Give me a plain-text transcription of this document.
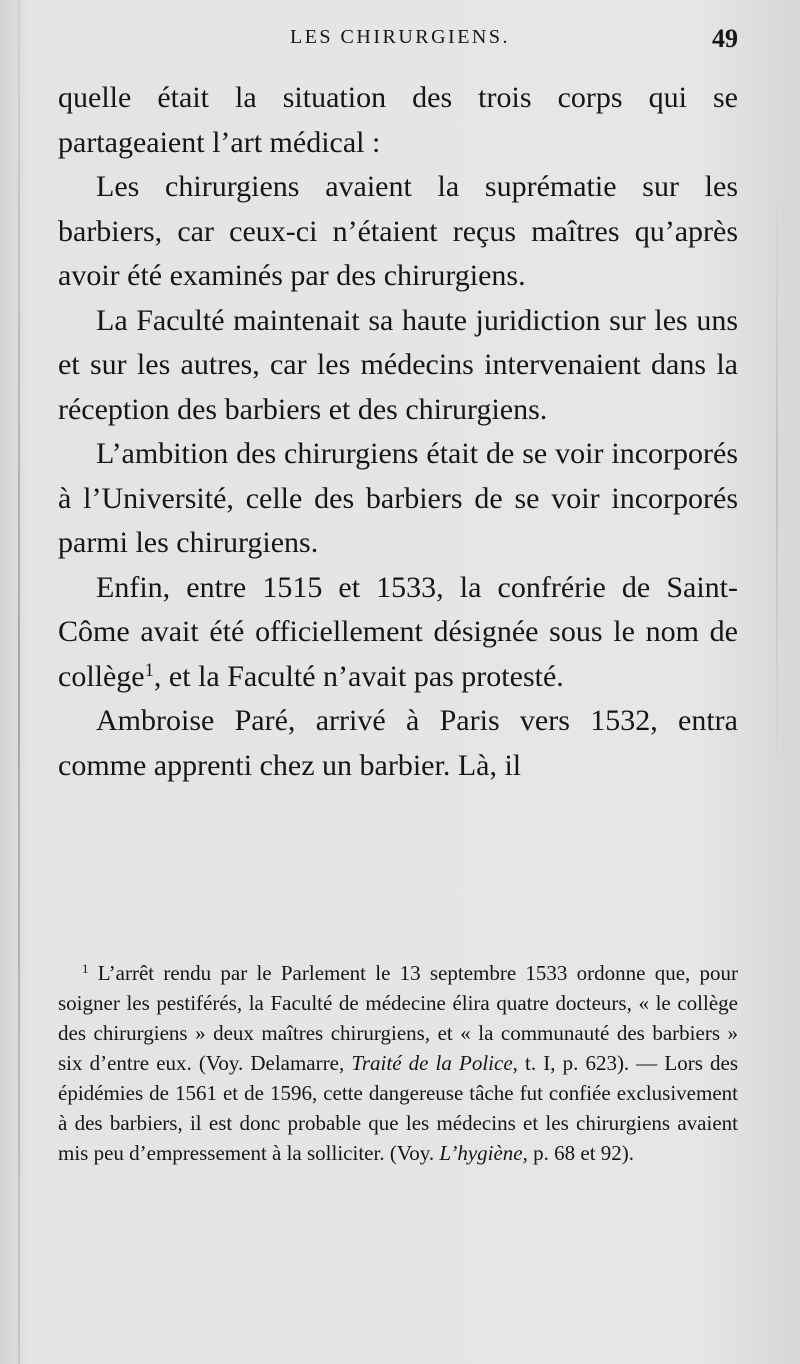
LES CHIRURGIENS.	49

quelle était la situation des trois corps qui se partageaient l’art médical :

Les chirurgiens avaient la suprématie sur les barbiers, car ceux-ci n’étaient reçus maîtres qu’après avoir été examinés par des chirurgiens.

La Faculté maintenait sa haute juridiction sur les uns et sur les autres, car les médecins intervenaient dans la réception des barbiers et des chirurgiens.

L’ambition des chirurgiens était de se voir incorporés à l’Université, celle des barbiers de se voir incorporés parmi les chirurgiens.

Enfin, entre 1515 et 1533, la confrérie de Saint-Côme avait été officiellement désignée sous le nom de collège$^1$, et la Faculté n’avait pas protesté.

Ambroise Paré, arrivé à Paris vers 1532, entra comme apprenti chez un barbier. Là, il

$^1$ L’arrêt rendu par le Parlement le 13 septembre 1533 ordonne que, pour soigner les pestiférés, la Faculté de médecine élira quatre docteurs, « le collège des chirurgiens » deux maîtres chirurgiens, et « la communauté des barbiers » six d’entre eux. (Voy. Delamarre, Traité de la Police, t. I, p. 623). — Lors des épidémies de 1561 et de 1596, cette dangereuse tâche fut confiée exclusivement à des barbiers, il est donc probable que les médecins et les chirurgiens avaient mis peu d’empressement à la solliciter. (Voy. L’hygiène, p. 68 et 92).
